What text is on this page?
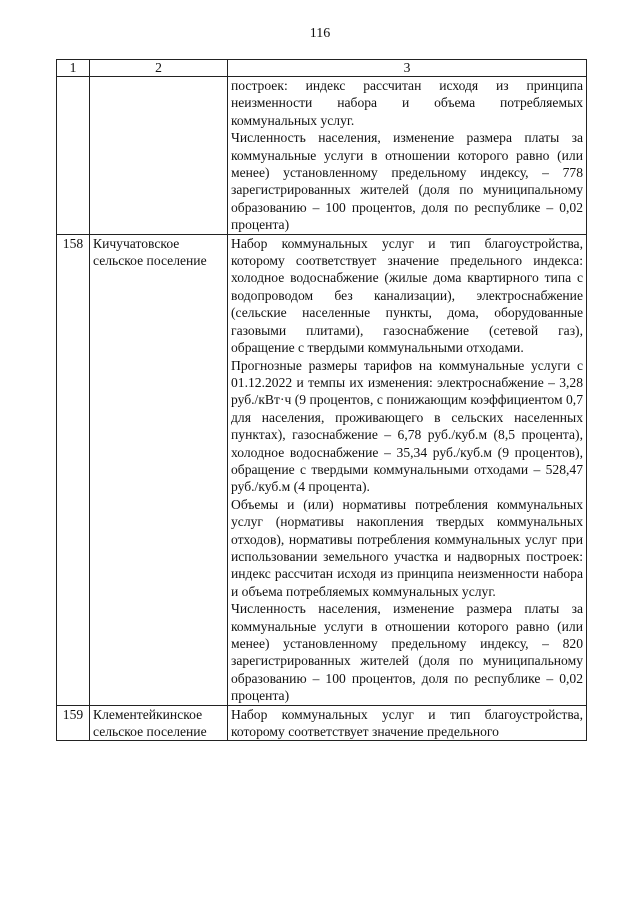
116
1	2	3

		построек: индекс рассчитан исходя из принципа неизменности набора и объема потребляемых коммунальных услуг.

Численность населения, изменение размера платы за коммунальные услуги в отношении которого равно (или менее) установленному предельному индексу, – 778 зарегистрированных жителей (доля по муниципальному образованию – 100 процентов, доля по республике – 0,02 процента)

158	Кичучатовское сельское поселение	Набор коммунальных услуг и тип благоустройства, которому соответствует значение предельного индекса: холодное водоснабжение (жилые дома квартирного типа с водопроводом без канализации), электроснабжение (сельские населенные пункты, дома, оборудованные газовыми плитами), газоснабжение (сетевой газ), обращение с твердыми коммунальными отходами.

Прогнозные размеры тарифов на коммунальные услуги с 01.12.2022 и темпы их изменения: электроснабжение – 3,28 руб./кВт·ч (9 процентов, с понижающим коэффициентом 0,7 для населения, проживающего в сельских населенных пунктах), газоснабжение – 6,78 руб./куб.м (8,5 процента), холодное водоснабжение – 35,34 руб./куб.м (9 процентов), обращение с твердыми коммунальными отходами – 528,47 руб./куб.м (4 процента).

Объемы и (или) нормативы потребления коммунальных услуг (нормативы накопления твердых коммунальных отходов), нормативы потребления коммунальных услуг при использовании земельного участка и надворных построек: индекс рассчитан исходя из принципа неизменности набора и объема потребляемых коммунальных услуг.

Численность населения, изменение размера платы за коммунальные услуги в отношении которого равно (или менее) установленному предельному индексу, – 820 зарегистрированных жителей (доля по муниципальному образованию – 100 процентов, доля по республике – 0,02 процента)

159	Клементейкинское сельское поселение	Набор коммунальных услуг и тип благоустройства, которому соответствует значение предельного
